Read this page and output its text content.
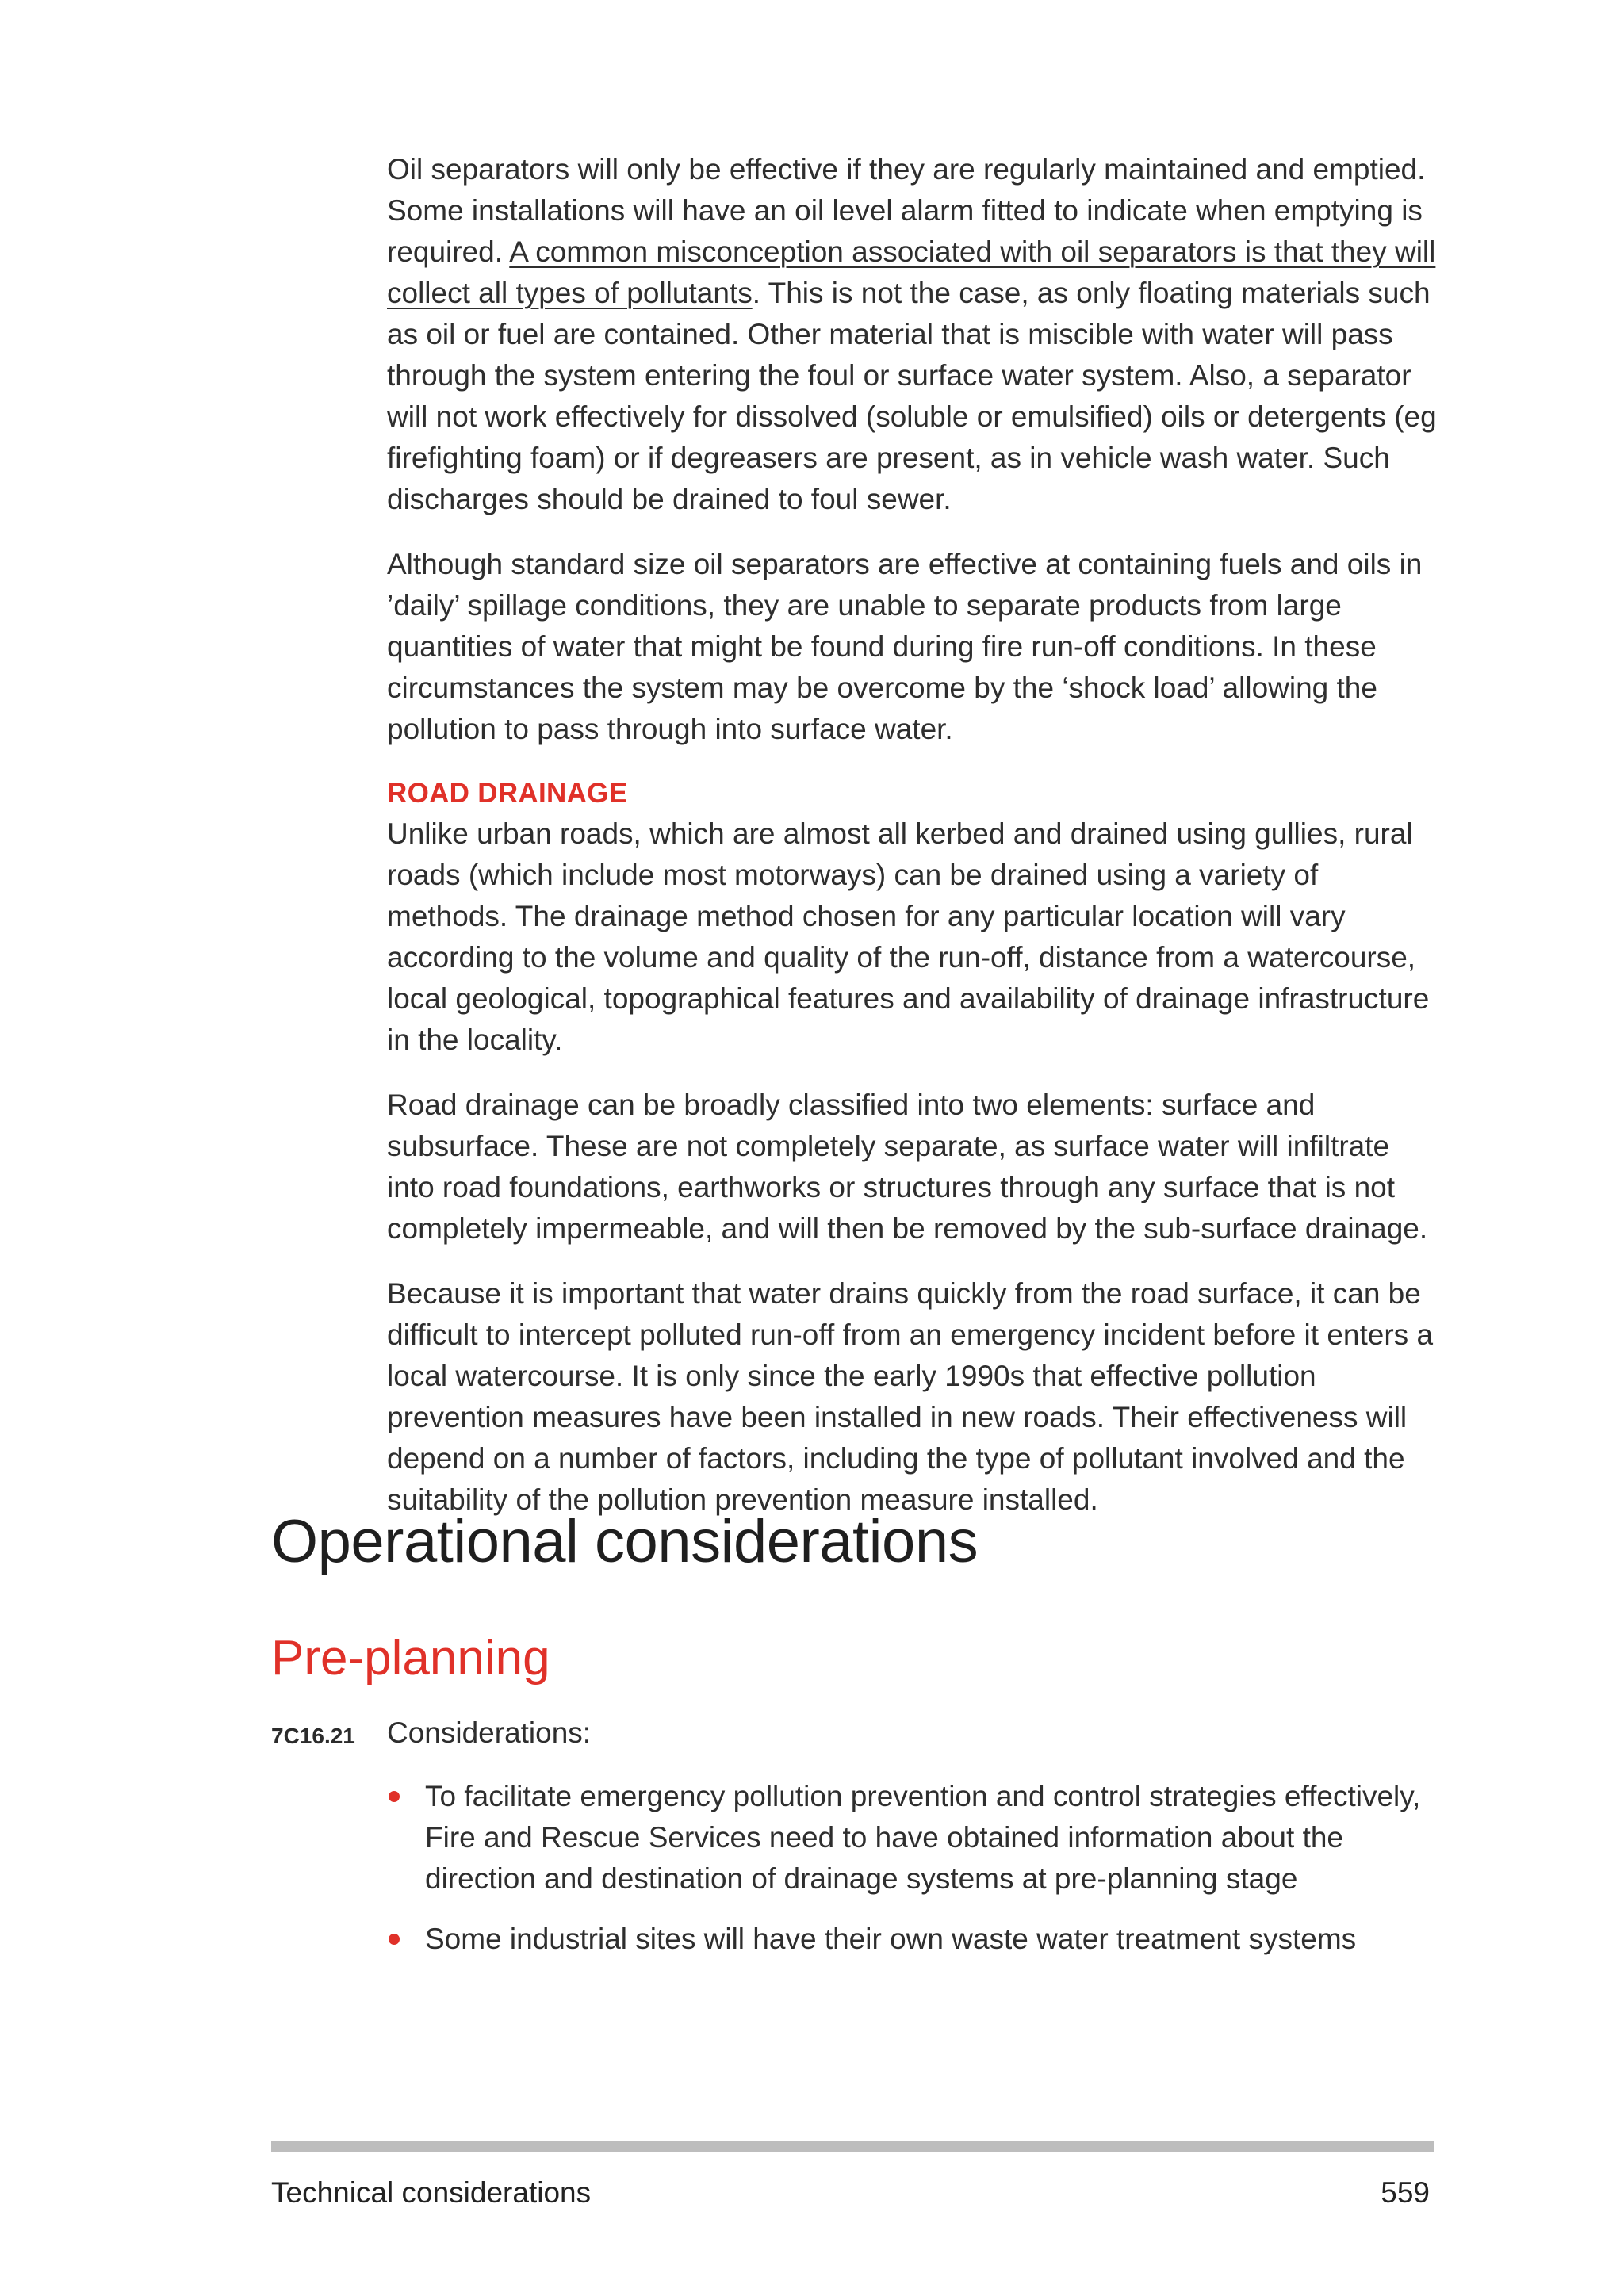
Oil separators will only be effective if they are regularly maintained and emptied. Some installations will have an oil level alarm fitted to indicate when emptying is required. A common misconception associated with oil separators is that they will collect all types of pollutants. This is not the case, as only floating materials such as oil or fuel are contained. Other material that is miscible with water will pass through the system entering the foul or surface water system. Also, a separator will not work effectively for dissolved (soluble or emulsified) oils or detergents (eg firefighting foam) or if degreasers are present, as in vehicle wash water. Such discharges should be drained to foul sewer.

Although standard size oil separators are effective at containing fuels and oils in ’daily’ spillage conditions, they are unable to separate products from large quantities of water that might be found during fire run-off conditions. In these circumstances the system may be overcome by the ‘shock load’ allowing the pollution to pass through into surface water.

ROAD DRAINAGE

Unlike urban roads, which are almost all kerbed and drained using gullies, rural roads (which include most motorways) can be drained using a variety of methods. The drainage method chosen for any particular location will vary according to the volume and quality of the run-off, distance from a watercourse, local geological, topographical features and availability of drainage infrastructure in the locality.

Road drainage can be broadly classified into two elements: surface and subsurface. These are not completely separate, as surface water will infiltrate into road foundations, earthworks or structures through any surface that is not completely impermeable, and will then be removed by the sub-surface drainage.

Because it is important that water drains quickly from the road surface, it can be difficult to intercept polluted run-off from an emergency incident before it enters a local watercourse. It is only since the early 1990s that effective pollution prevention measures have been installed in new roads. Their effectiveness will depend on a number of factors, including the type of pollutant involved and the suitability of the pollution prevention measure installed.

Operational considerations
Pre-planning
7C16.21 Considerations:
To facilitate emergency pollution prevention and control strategies effectively, Fire and Rescue Services need to have obtained information about the direction and destination of drainage systems at pre-planning stage
Some industrial sites will have their own waste water treatment systems
Technical considerations	559
